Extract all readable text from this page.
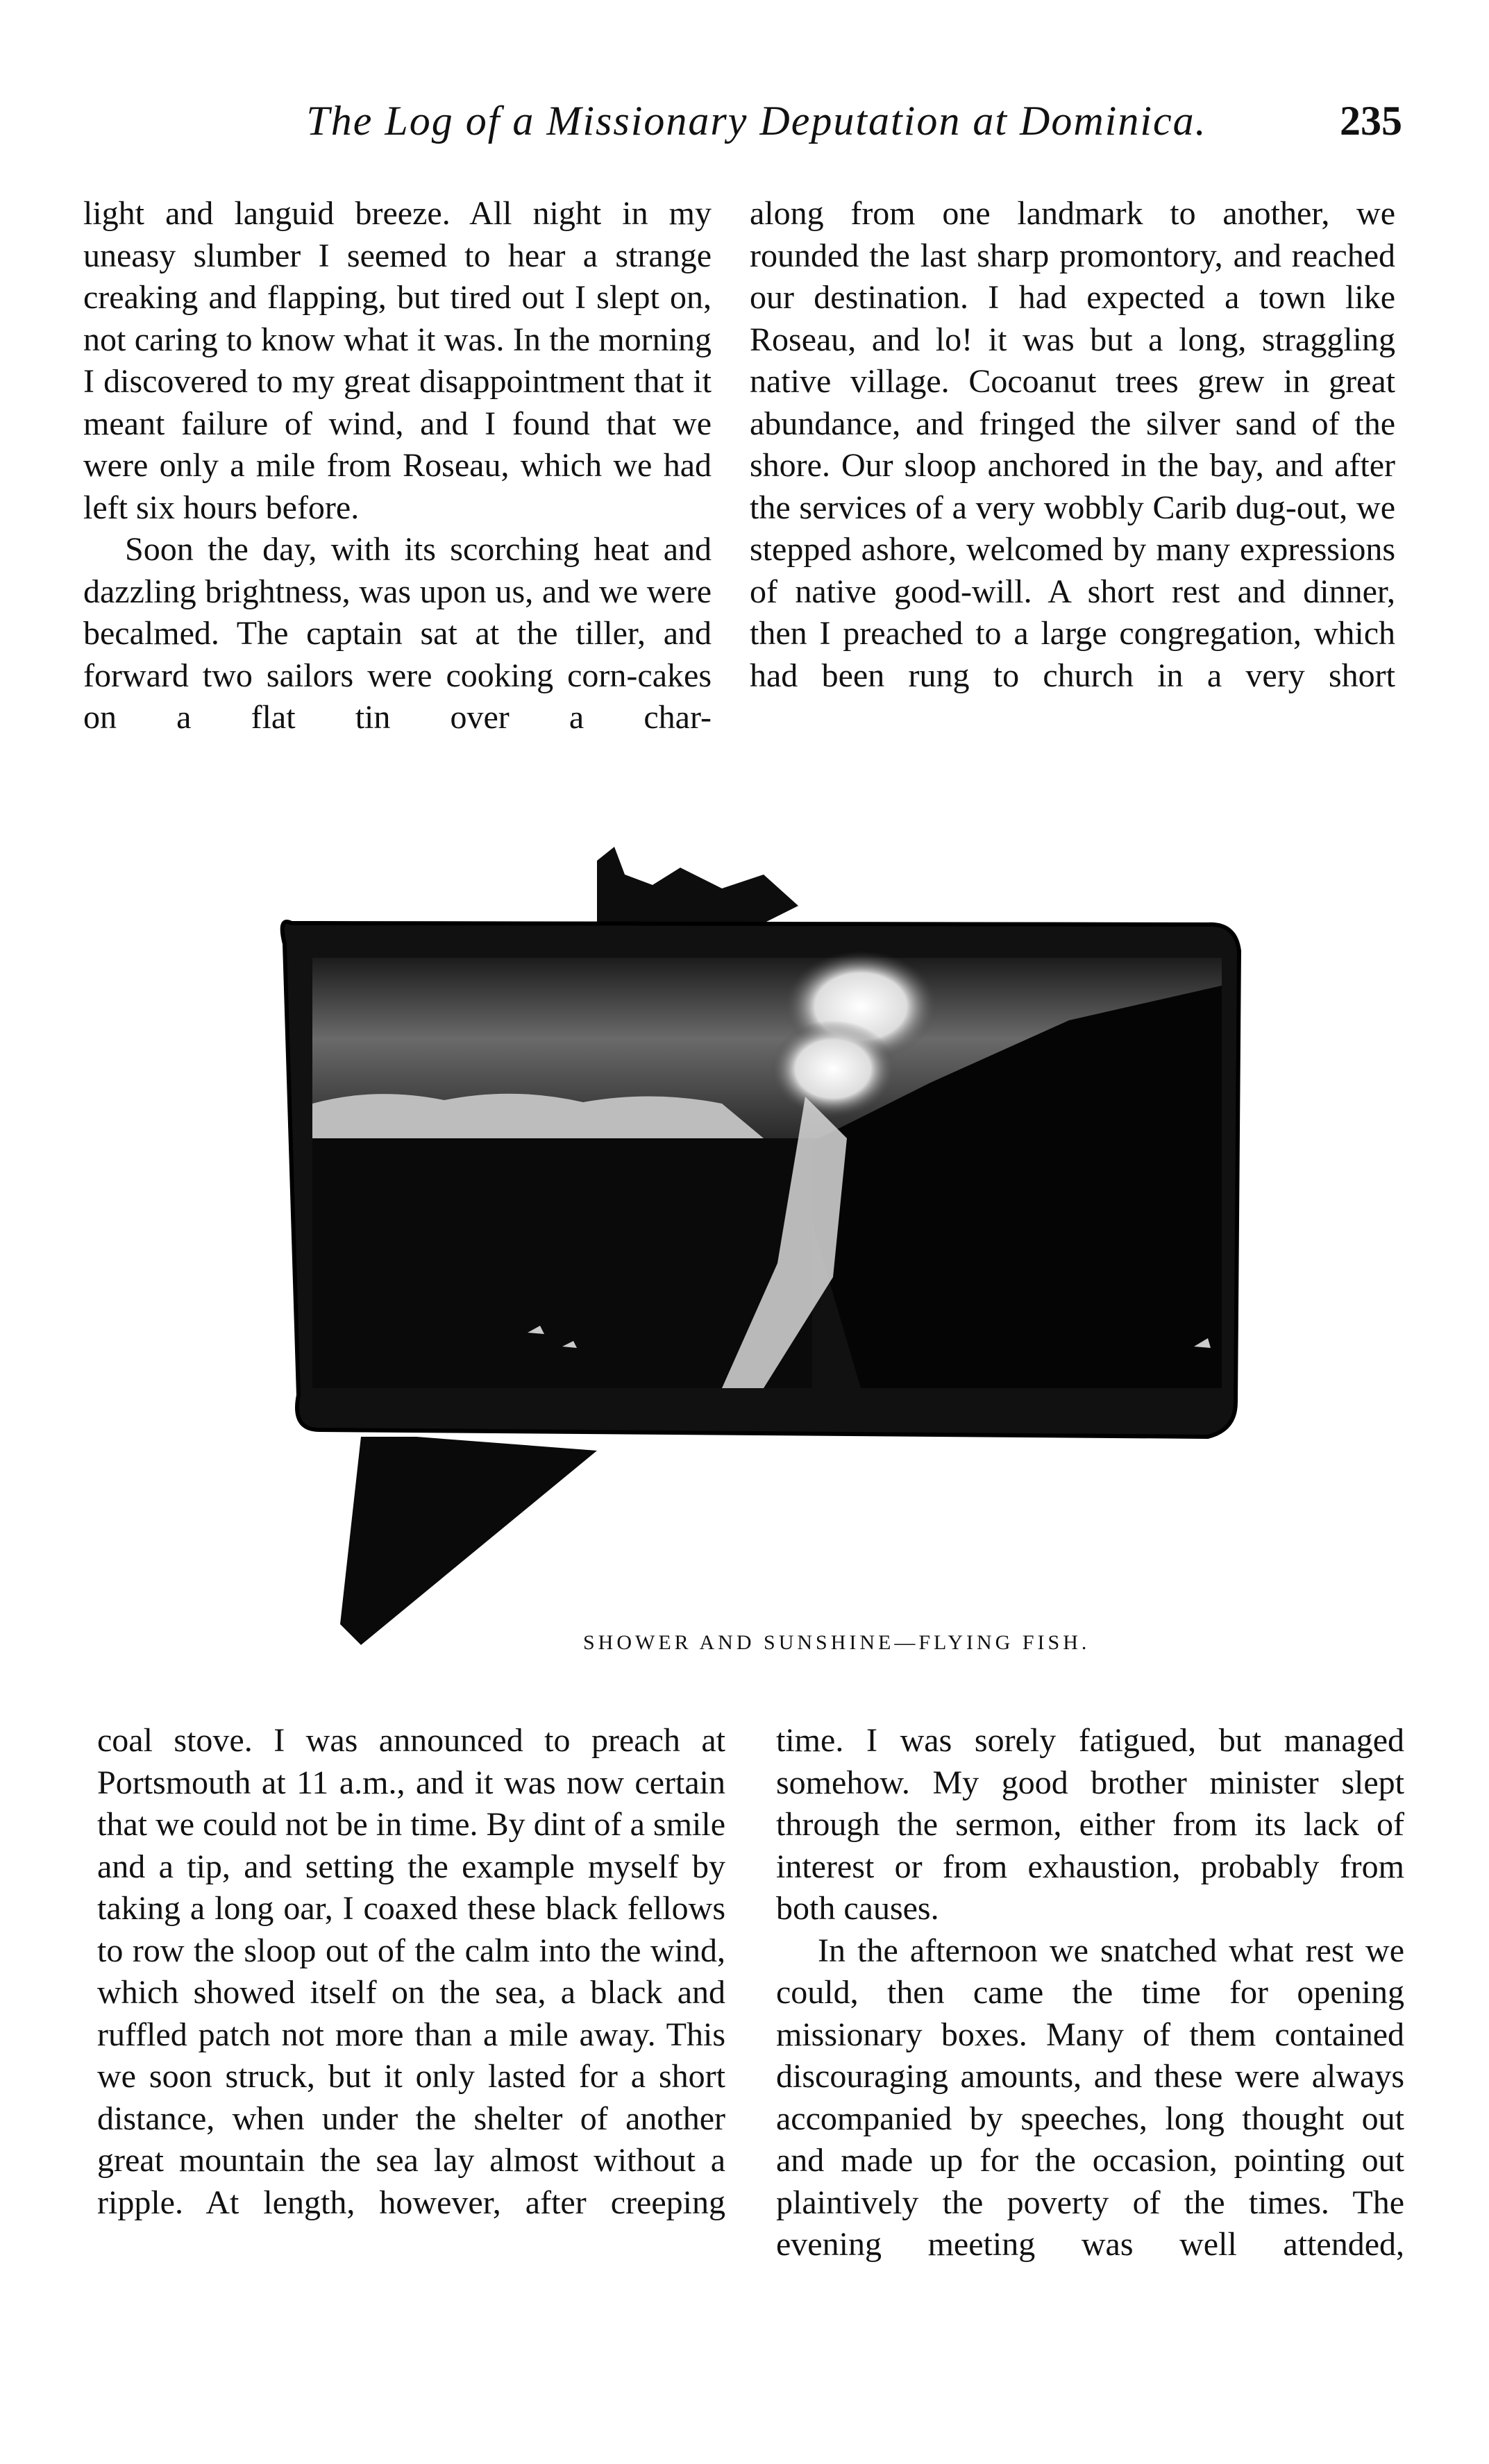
The Log of a Missionary Deputation at Dominica.	235

light and languid breeze. All night in my uneasy slumber I seemed to hear a strange creaking and flapping, but tired out I slept on, not caring to know what it was. In the morning I discovered to my great disappointment that it meant failure of wind, and I found that we were only a mile from Roseau, which we had left six hours before.

Soon the day, with its scorching heat and dazzling brightness, was upon us, and we were becalmed. The captain sat at the tiller, and forward two sailors were cooking corn-cakes on a flat tin over a char-

along from one landmark to another, we rounded the last sharp promontory, and reached our destination. I had expected a town like Roseau, and lo! it was but a long, straggling native village. Cocoanut trees grew in great abundance, and fringed the silver sand of the shore. Our sloop anchored in the bay, and after the services of a very wobbly Carib dug-out, we stepped ashore, welcomed by many expressions of native good-will. A short rest and dinner, then I preached to a large congregation, which had been rung to church in a very short

SHOWER AND SUNSHINE—FLYING FISH.

coal stove. I was announced to preach at Portsmouth at 11 a.m., and it was now certain that we could not be in time. By dint of a smile and a tip, and setting the example myself by taking a long oar, I coaxed these black fellows to row the sloop out of the calm into the wind, which showed itself on the sea, a black and ruffled patch not more than a mile away. This we soon struck, but it only lasted for a short distance, when under the shelter of another great mountain the sea lay almost without a ripple. At length, however, after creeping

time. I was sorely fatigued, but managed somehow. My good brother minister slept through the sermon, either from its lack of interest or from exhaustion, probably from both causes.

In the afternoon we snatched what rest we could, then came the time for opening missionary boxes. Many of them contained discouraging amounts, and these were always accompanied by speeches, long thought out and made up for the occasion, pointing out plaintively the poverty of the times. The evening meeting was well attended,
